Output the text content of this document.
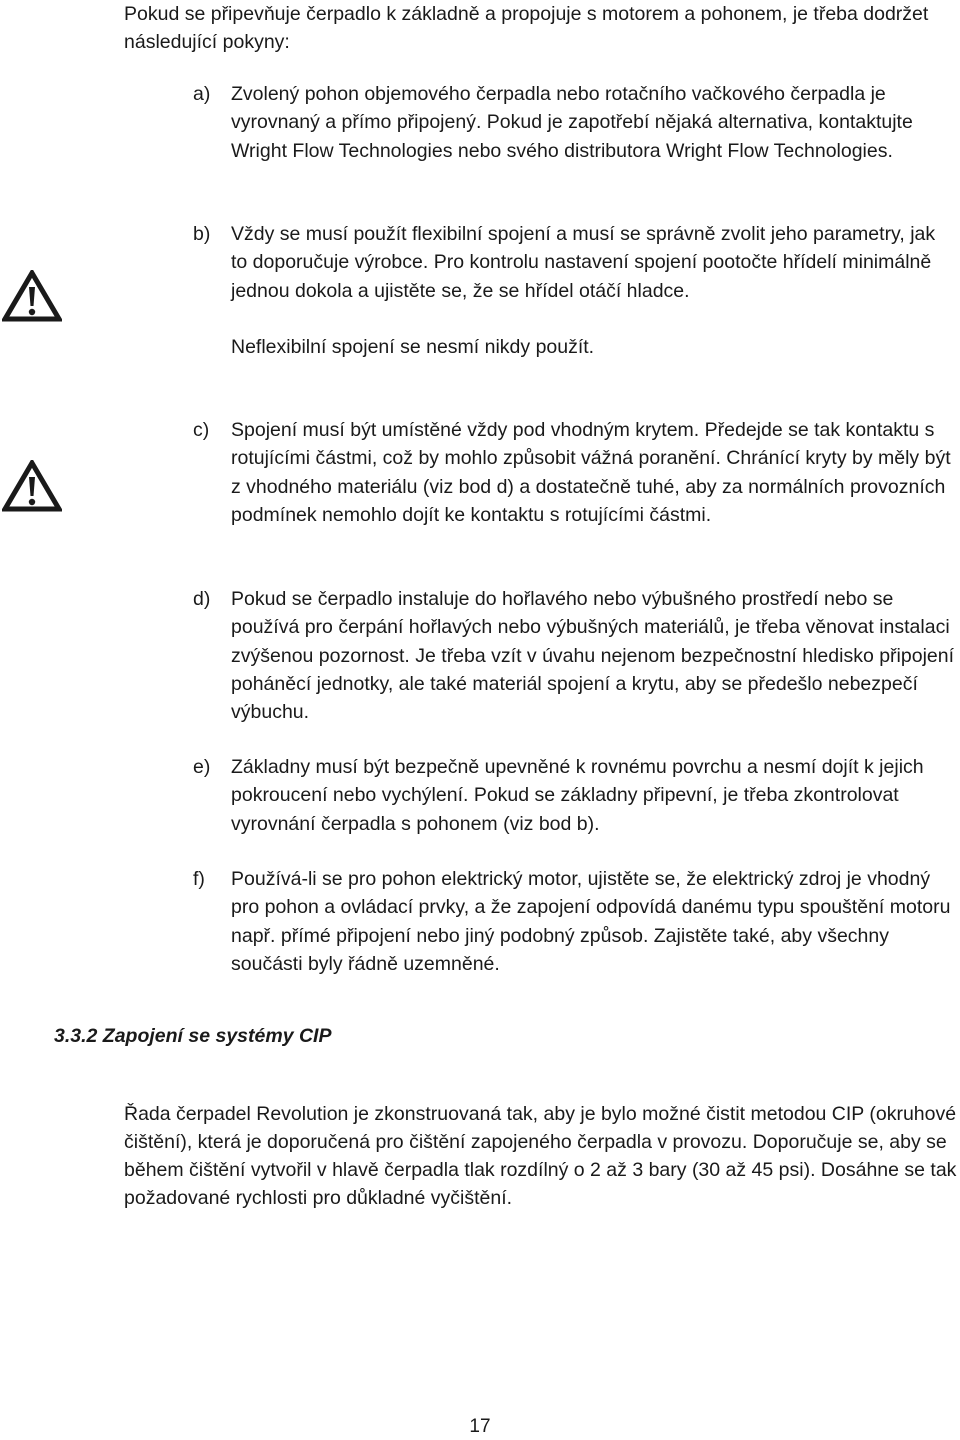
Pokud se připevňuje čerpadlo k základně a propojuje s motorem a pohonem, je třeba dodržet následující pokyny:

a) Zvolený pohon objemového čerpadla nebo rotačního vačkového čerpadla je vyrovnaný a přímo připojený. Pokud je zapotřebí nějaká alternativa, kontaktujte Wright Flow Technologies nebo svého distributora Wright Flow Technologies.

b) Vždy se musí použít flexibilní spojení a musí se správně zvolit jeho parametry, jak to doporučuje výrobce. Pro kontrolu nastavení spojení pootočte hřídelí minimálně jednou dokola a ujistěte se, že se hřídel otáčí hladce.

Neflexibilní spojení se nesmí nikdy použít.

c) Spojení musí být umístěné vždy pod vhodným krytem. Předejde se tak kontaktu s rotujícími částmi, což by mohlo způsobit vážná poranění. Chránící kryty by měly být z vhodného materiálu (viz bod d) a dostatečně tuhé, aby za normálních provozních podmínek nemohlo dojít ke kontaktu s rotujícími částmi.

d) Pokud se čerpadlo instaluje do hořlavého nebo výbušného prostředí nebo se používá pro čerpání hořlavých nebo výbušných materiálů, je třeba věnovat instalaci zvýšenou pozornost. Je třeba vzít v úvahu nejenom bezpečnostní hledisko připojení poháněcí jednotky, ale také materiál spojení a krytu, aby se předešlo nebezpečí výbuchu.

e) Základny musí být bezpečně upevněné k rovnému povrchu a nesmí dojít k jejich pokroucení nebo vychýlení. Pokud se základny připevní, je třeba zkontrolovat vyrovnání čerpadla s pohonem (viz bod b).

f) Používá-li se pro pohon elektrický motor, ujistěte se, že elektrický zdroj je vhodný pro pohon a ovládací prvky, a že zapojení odpovídá danému typu spouštění motoru např. přímé připojení nebo jiný podobný způsob. Zajistěte také, aby všechny součásti byly řádně uzemněné.

3.3.2 Zapojení se systémy CIP

Řada čerpadel Revolution je zkonstruovaná tak, aby je bylo možné čistit metodou CIP (okruhové čištění), která je doporučená pro čištění zapojeného čerpadla v provozu. Doporučuje se, aby se během čištění vytvořil v hlavě čerpadla tlak rozdílný o 2 až 3 bary (30 až 45 psi). Dosáhne se tak požadované rychlosti pro důkladné vyčištění.

17
